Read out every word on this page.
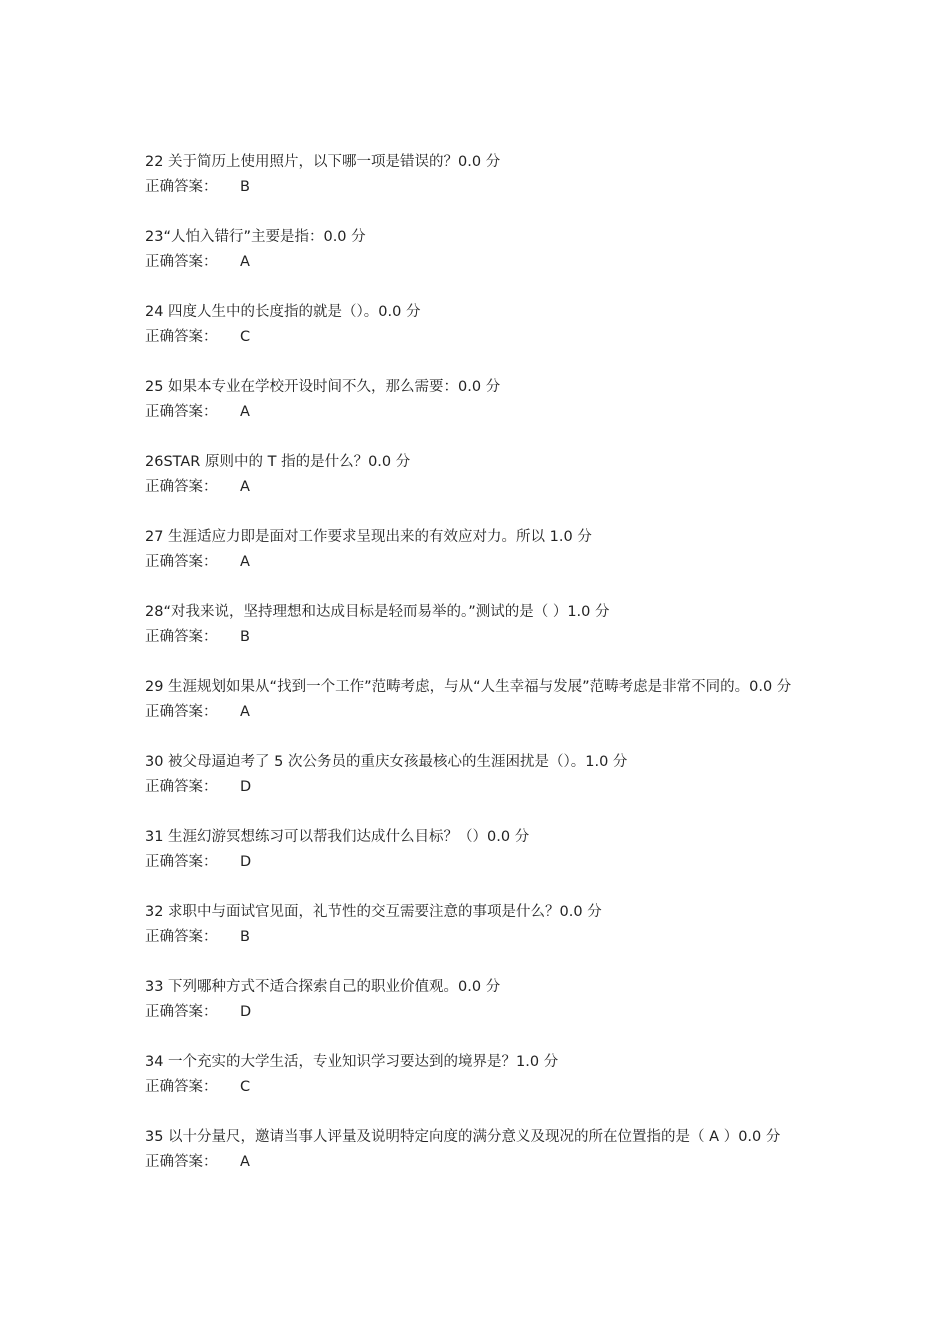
22 关于简历上使用照片，以下哪一项是错误的？0.0 分
正确答案： B
23“人怕入错行”主要是指：0.0 分
正确答案： A
24 四度人生中的长度指的就是（）。0.0 分
正确答案： C
25 如果本专业在学校开设时间不久，那么需要：0.0 分
正确答案： A
26STAR 原则中的 T 指的是什么？0.0 分
正确答案： A
27 生涯适应力即是面对工作要求呈现出来的有效应对力。所以 1.0 分
正确答案： A
28“对我来说，坚持理想和达成目标是轻而易举的。”测试的是（ ）1.0 分
正确答案： B
29 生涯规划如果从“找到一个工作”范畴考虑，与从“人生幸福与发展”范畴考虑是非常不同的。0.0 分
正确答案： A
30 被父母逼迫考了 5 次公务员的重庆女孩最核心的生涯困扰是（）。1.0 分
正确答案： D
31 生涯幻游冥想练习可以帮我们达成什么目标？（）0.0 分
正确答案： D
32 求职中与面试官见面，礼节性的交互需要注意的事项是什么？0.0 分
正确答案： B
33 下列哪种方式不适合探索自己的职业价值观。0.0 分
正确答案： D
34 一个充实的大学生活，专业知识学习要达到的境界是？1.0 分
正确答案： C
35 以十分量尺，邀请当事人评量及说明特定向度的满分意义及现况的所在位置指的是（ A ）0.0 分
正确答案： A
